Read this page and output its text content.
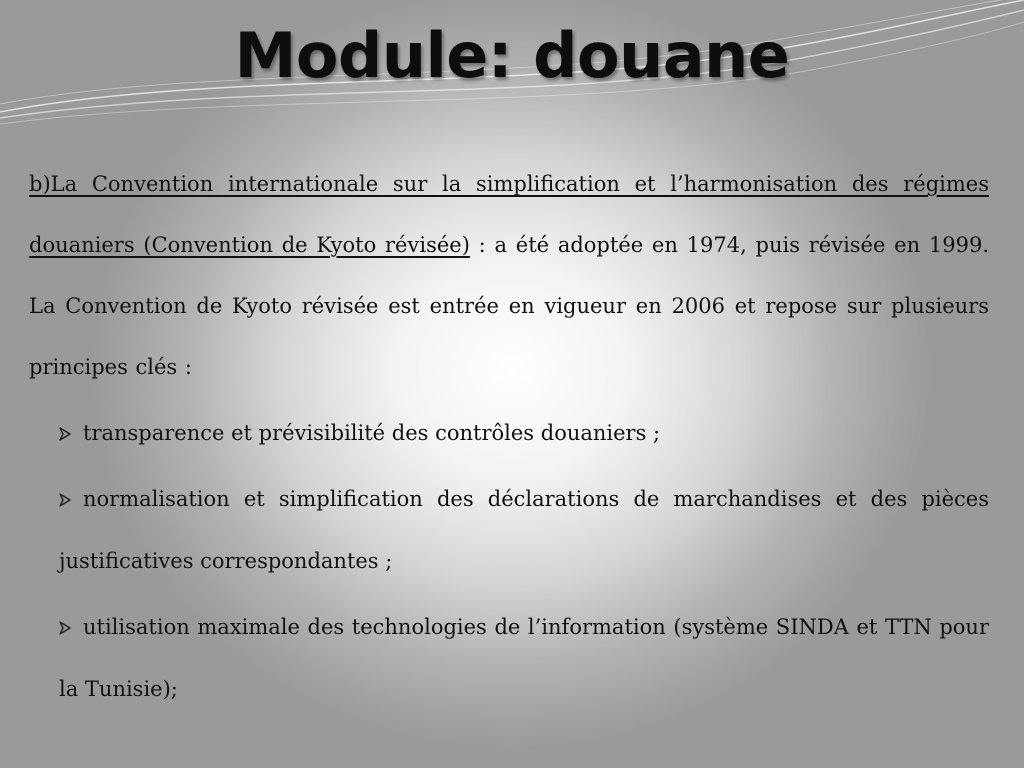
Module: douane

b)La Convention internationale sur la simplification et l’harmonisation des régimes douaniers (Convention de Kyoto révisée) : a été adoptée en 1974, puis révisée en 1999. La Convention de Kyoto révisée est entrée en vigueur en 2006 et repose sur plusieurs principes clés :

transparence et prévisibilité des contrôles douaniers ;
normalisation et simplification des déclarations de marchandises et des pièces justificatives correspondantes ;
utilisation maximale des technologies de l’information (système SINDA et TTN pour la Tunisie);
